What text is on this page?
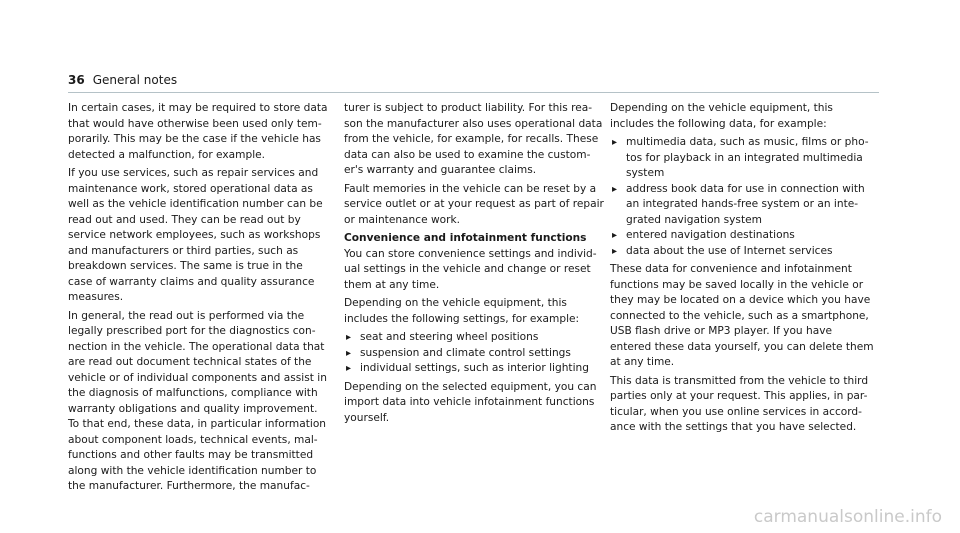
36 General notes

In certain cases, it may be required to store data
that would have otherwise been used only tem-
porarily. This may be the case if the vehicle has
detected a malfunction, for example.

If you use services, such as repair services and
maintenance work, stored operational data as
well as the vehicle identification number can be
read out and used. They can be read out by
service network employees, such as workshops
and manufacturers or third parties, such as
breakdown services. The same is true in the
case of warranty claims and quality assurance
measures.

In general, the read out is performed via the
legally prescribed port for the diagnostics con-
nection in the vehicle. The operational data that
are read out document technical states of the
vehicle or of individual components and assist in
the diagnosis of malfunctions, compliance with
warranty obligations and quality improvement.
To that end, these data, in particular information
about component loads, technical events, mal-
functions and other faults may be transmitted
along with the vehicle identification number to
the manufacturer. Furthermore, the manufac-

turer is subject to product liability. For this rea-
son the manufacturer also uses operational data
from the vehicle, for example, for recalls. These
data can also be used to examine the custom-
er's warranty and guarantee claims.

Fault memories in the vehicle can be reset by a
service outlet or at your request as part of repair
or maintenance work.

Convenience and infotainment functions

You can store convenience settings and individ-
ual settings in the vehicle and change or reset
them at any time.

Depending on the vehicle equipment, this
includes the following settings, for example:

▸ seat and steering wheel positions
▸ suspension and climate control settings
▸ individual settings, such as interior lighting

Depending on the selected equipment, you can
import data into vehicle infotainment functions
yourself.

Depending on the vehicle equipment, this
includes the following data, for example:

▸ multimedia data, such as music, films or pho-
tos for playback in an integrated multimedia
system
▸ address book data for use in connection with
an integrated hands-free system or an inte-
grated navigation system
▸ entered navigation destinations
▸ data about the use of Internet services

These data for convenience and infotainment
functions may be saved locally in the vehicle or
they may be located on a device which you have
connected to the vehicle, such as a smartphone,
USB flash drive or MP3 player. If you have
entered these data yourself, you can delete them
at any time.

This data is transmitted from the vehicle to third
parties only at your request. This applies, in par-
ticular, when you use online services in accord-
ance with the settings that you have selected.

carmanualsonline.info
